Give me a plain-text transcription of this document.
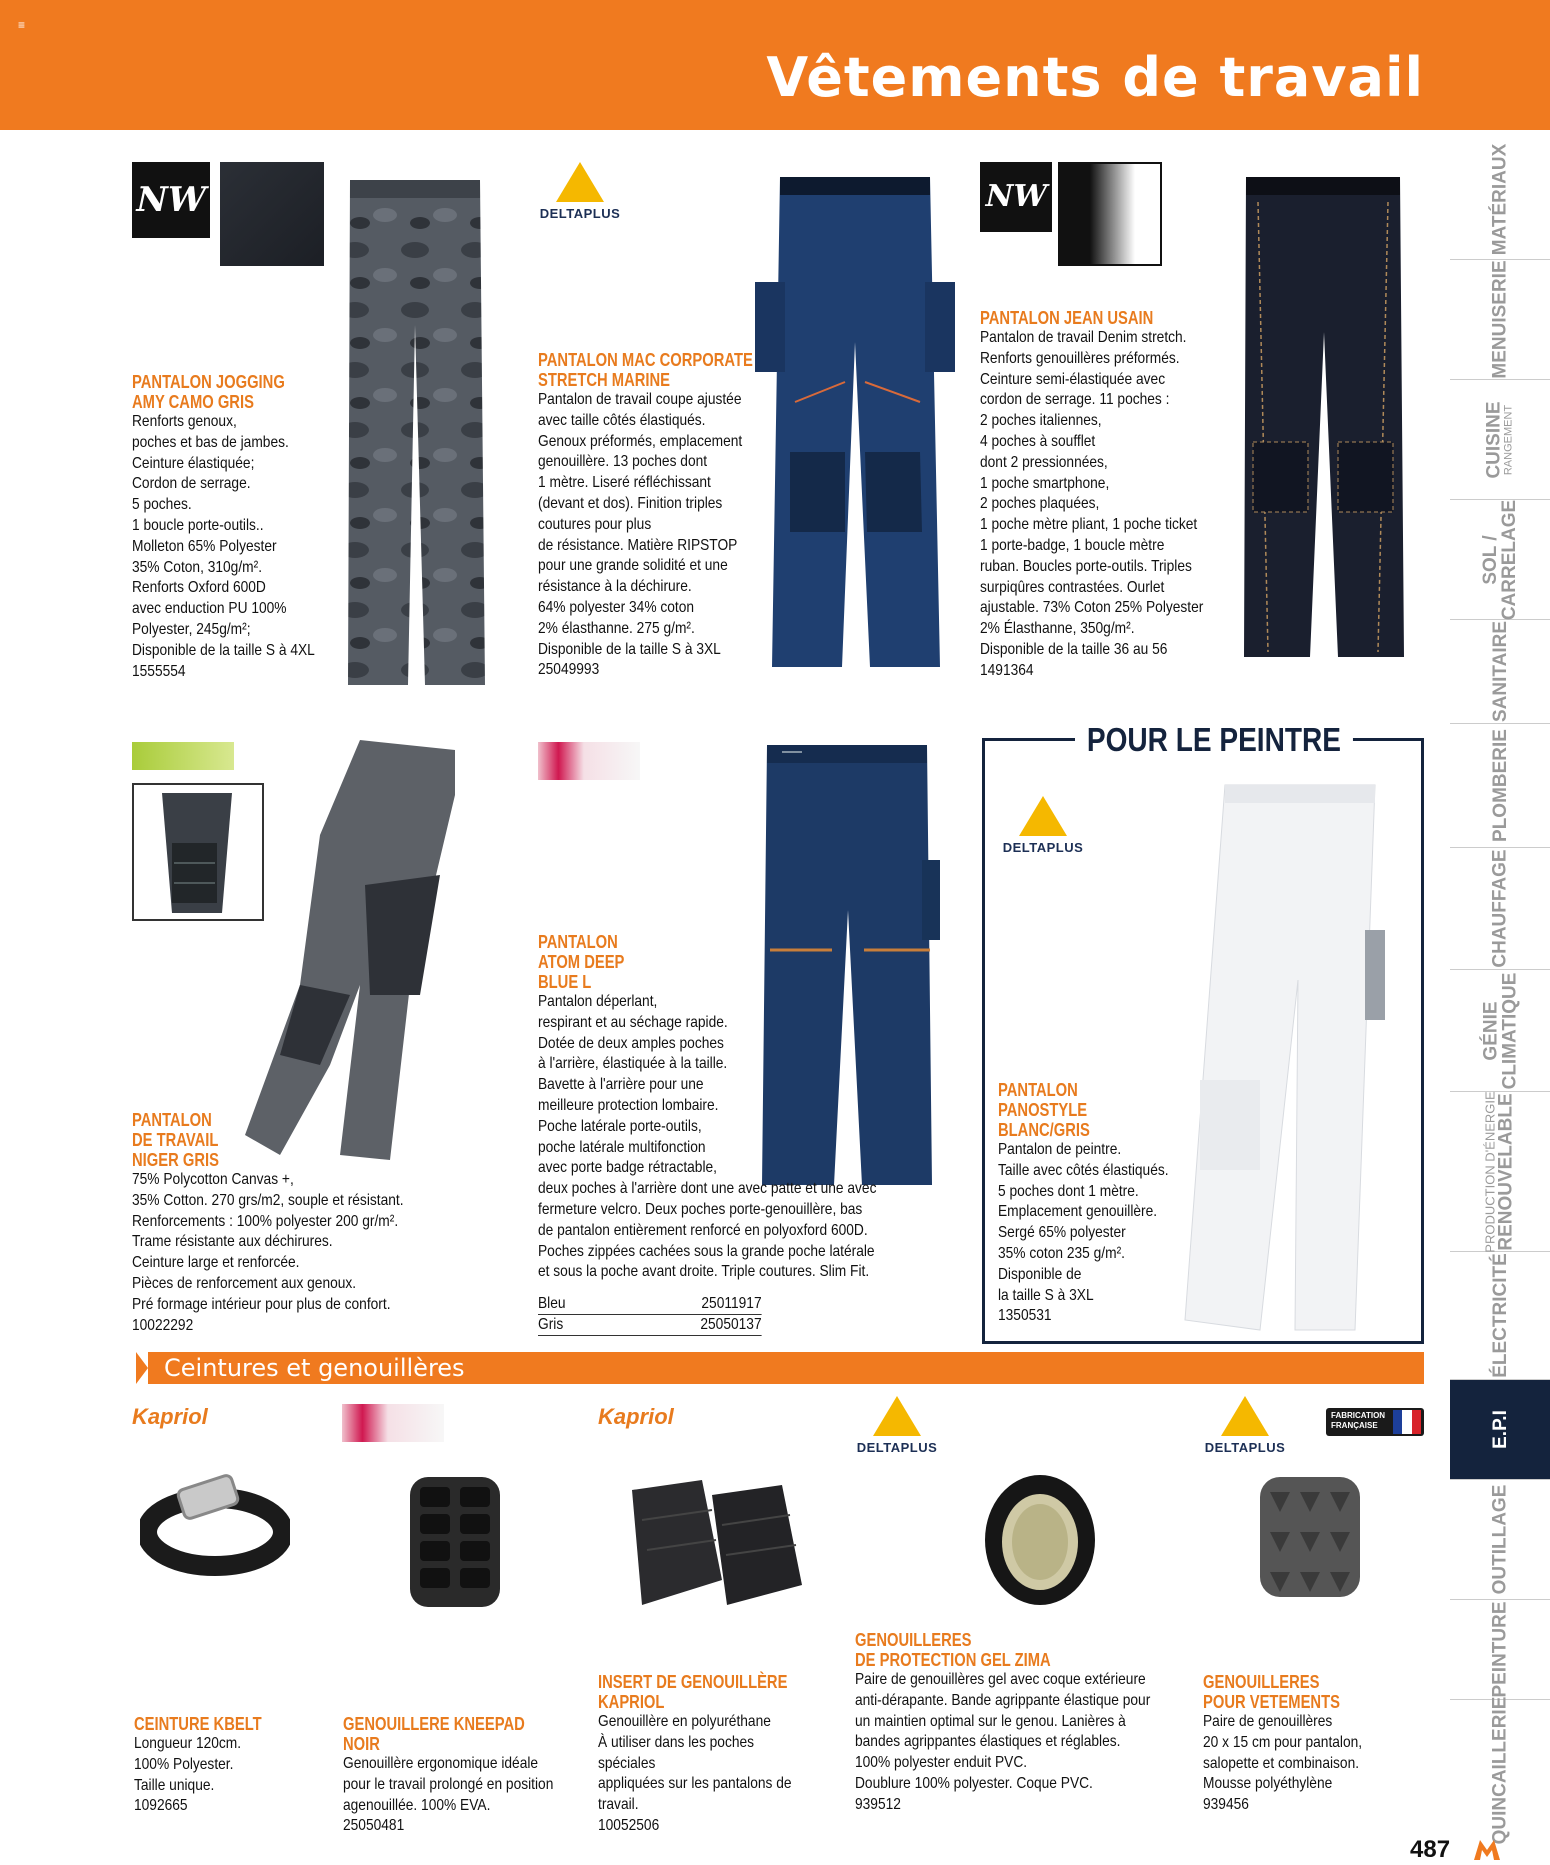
≡
Vêtements de travail
MATÉRIAUX
MENUISERIE
CUISINE
RANGEMENT
SOL /
CARRELAGE
SANITAIRE
PLOMBERIE
CHAUFFAGE
GÉNIE
CLIMATIQUE
PRODUCTION D'ÉNERGIE
RENOUVELABLE
ÉLECTRICITÉ
E.P.I
OUTILLAGE
PEINTURE
QUINCAILLERIE
NW
PANTALON JOGGING
AMY CAMO GRIS
Renforts genoux,
poches et bas de jambes.
Ceinture élastiquée;
Cordon de serrage.
5 poches.
1 boucle porte-outils..
Molleton 65% Polyester
35% Coton, 310g/m².
Renforts Oxford 600D
avec enduction PU 100%
Polyester, 245g/m²;
Disponible de la taille S à 4XL
1555554
DELTAPLUS
PANTALON MAC CORPORATE
STRETCH MARINE
Pantalon de travail coupe ajustée
avec taille côtés élastiqués.
Genoux préformés, emplacement
genouillère. 13 poches dont
1 mètre. Liseré réfléchissant
(devant et dos). Finition triples
coutures pour plus
de résistance. Matière RIPSTOP
pour une grande solidité et une
résistance à la déchirure.
64% polyester 34% coton
2% élasthanne. 275 g/m².
Disponible de la taille S à 3XL
25049993
NW
PANTALON JEAN USAIN
Pantalon de travail Denim stretch.
Renforts genouillères préformés.
Ceinture semi-élastiquée avec
cordon de serrage. 11 poches :
2 poches italiennes,
4 poches à soufflet
dont 2 pressionnées,
1 poche smartphone,
2 poches plaquées,
1 poche mètre pliant, 1 poche ticket
1 porte-badge, 1 boucle mètre
ruban. Boucles porte-outils. Triples
surpiqûres contrastées. Ourlet
ajustable. 73% Coton 25% Polyester
2% Élasthanne, 350g/m².
Disponible de la taille 36 au 56
1491364
PANTALON
DE TRAVAIL
NIGER GRIS
75% Polycotton Canvas +,
35% Cotton. 270 grs/m2, souple et résistant.
Renforcements : 100% polyester 200 gr/m².
Trame résistante aux déchirures.
Ceinture large et renforcée.
Pièces de renforcement aux genoux.
Pré formage intérieur pour plus de confort.
10022292
PANTALON
ATOM DEEP
BLUE L
Pantalon déperlant,
respirant et au séchage rapide.
Dotée de deux amples poches
à l'arrière, élastiquée à la taille.
Bavette à l'arrière pour une
meilleure protection lombaire.
Poche latérale porte-outils,
poche latérale multifonction
avec porte badge rétractable,
deux poches à l'arrière dont une avec patte et une avec
fermeture velcro. Deux poches porte-genouillère, bas
de pantalon entièrement renforcé en polyoxford 600D.
Poches zippées cachées sous la grande poche latérale
et sous la poche avant droite. Triple coutures. Slim Fit.
Bleu	25011917
Gris	25050137
POUR LE PEINTRE
DELTAPLUS
PANTALON
PANOSTYLE
BLANC/GRIS
Pantalon de peintre.
Taille avec côtés élastiqués.
5 poches dont 1 mètre.
Emplacement genouillère.
Sergé 65% polyester
35% coton 235 g/m².
Disponible de
la taille S à 3XL
1350531
Ceintures et genouillères
Kapriol	Kapriol
DELTAPLUS	DELTAPLUS
FABRICATION
FRANÇAISE
CEINTURE KBELT
Longueur 120cm.
100% Polyester.
Taille unique.
1092665
GENOUILLERE KNEEPAD NOIR
Genouillère ergonomique idéale
pour le travail prolongé en position
agenouillée. 100% EVA.
25050481
INSERT DE GENOUILLÈRE
KAPRIOL
Genouillère en polyuréthane
À utiliser dans les poches spéciales
appliquées sur les pantalons de
travail.
10052506
GENOUILLERES
DE PROTECTION GEL ZIMA
Paire de genouillères gel avec coque extérieure
anti-dérapante. Bande agrippante élastique pour
un maintien optimal sur le genou. Lanières à
bandes agrippantes élastiques et réglables.
100% polyester enduit PVC.
Doublure 100% polyester. Coque PVC.
939512
GENOUILLERES
POUR VETEMENTS
Paire de genouillères
20 x 15 cm pour pantalon,
salopette et combinaison.
Mousse polyéthylène
939456
487
